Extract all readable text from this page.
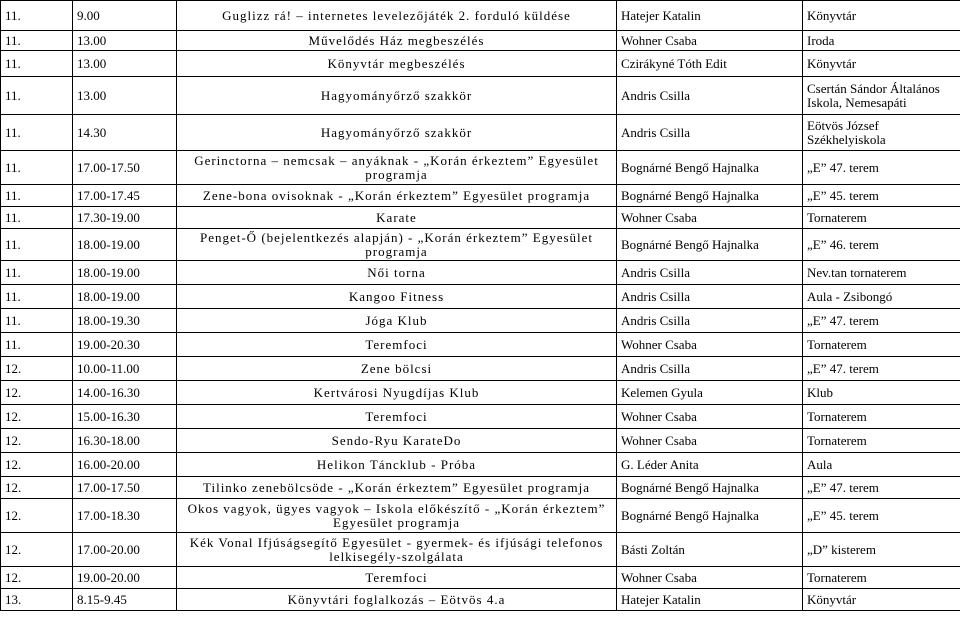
11.	9.00	Guglizz rá! – internetes levelezőjáték 2. forduló küldése	Hatejer Katalin	Könyvtár
11.	13.00	Művelődés Ház megbeszélés	Wohner Csaba	Iroda
11.	13.00	Könyvtár megbeszélés	Czirákyné Tóth Edit	Könyvtár
11.	13.00	Hagyományőrző szakkör	Andris Csilla	Csertán Sándor Általános Iskola, Nemesapáti
11.	14.30	Hagyományőrző szakkör	Andris Csilla	Eötvös József Székhelyiskola
11.	17.00-17.50	Gerinctorna – nemcsak – anyáknak - „Korán érkeztem” Egyesület programja	Bognárné Bengő Hajnalka	„E” 47. terem
11.	17.00-17.45	Zene-bona ovisoknak - „Korán érkeztem” Egyesület programja	Bognárné Bengő Hajnalka	„E” 45. terem
11.	17.30-19.00	Karate	Wohner Csaba	Tornaterem
11.	18.00-19.00	Penget-Ő (bejelentkezés alapján) - „Korán érkeztem” Egyesület programja	Bognárné Bengő Hajnalka	„E” 46. terem
11.	18.00-19.00	Női torna	Andris Csilla	Nev.tan tornaterem
11.	18.00-19.00	Kangoo Fitness	Andris Csilla	Aula - Zsibongó
11.	18.00-19.30	Jóga Klub	Andris Csilla	„E” 47. terem
11.	19.00-20.30	Teremfoci	Wohner Csaba	Tornaterem
12.	10.00-11.00	Zene bölcsi	Andris Csilla	„E” 47. terem
12.	14.00-16.30	Kertvárosi Nyugdíjas Klub	Kelemen Gyula	Klub
12.	15.00-16.30	Teremfoci	Wohner Csaba	Tornaterem
12.	16.30-18.00	Sendo-Ryu KarateDo	Wohner Csaba	Tornaterem
12.	16.00-20.00	Helikon Táncklub - Próba	G. Léder Anita	Aula
12.	17.00-17.50	Tilinko zenebölcsöde - „Korán érkeztem” Egyesület programja	Bognárné Bengő Hajnalka	„E” 47. terem
12.	17.00-18.30	Okos vagyok, ügyes vagyok – Iskola előkészítő - „Korán érkeztem” Egyesület programja	Bognárné Bengő Hajnalka	„E” 45. terem
12.	17.00-20.00	Kék Vonal Ifjúságsegítő Egyesület - gyermek- és ifjúsági telefonos lelkisegély-szolgálata	Básti Zoltán	„D” kisterem
12.	19.00-20.00	Teremfoci	Wohner Csaba	Tornaterem
13.	8.15-9.45	Könyvtári foglalkozás – Eötvös 4.a	Hatejer Katalin	Könyvtár
